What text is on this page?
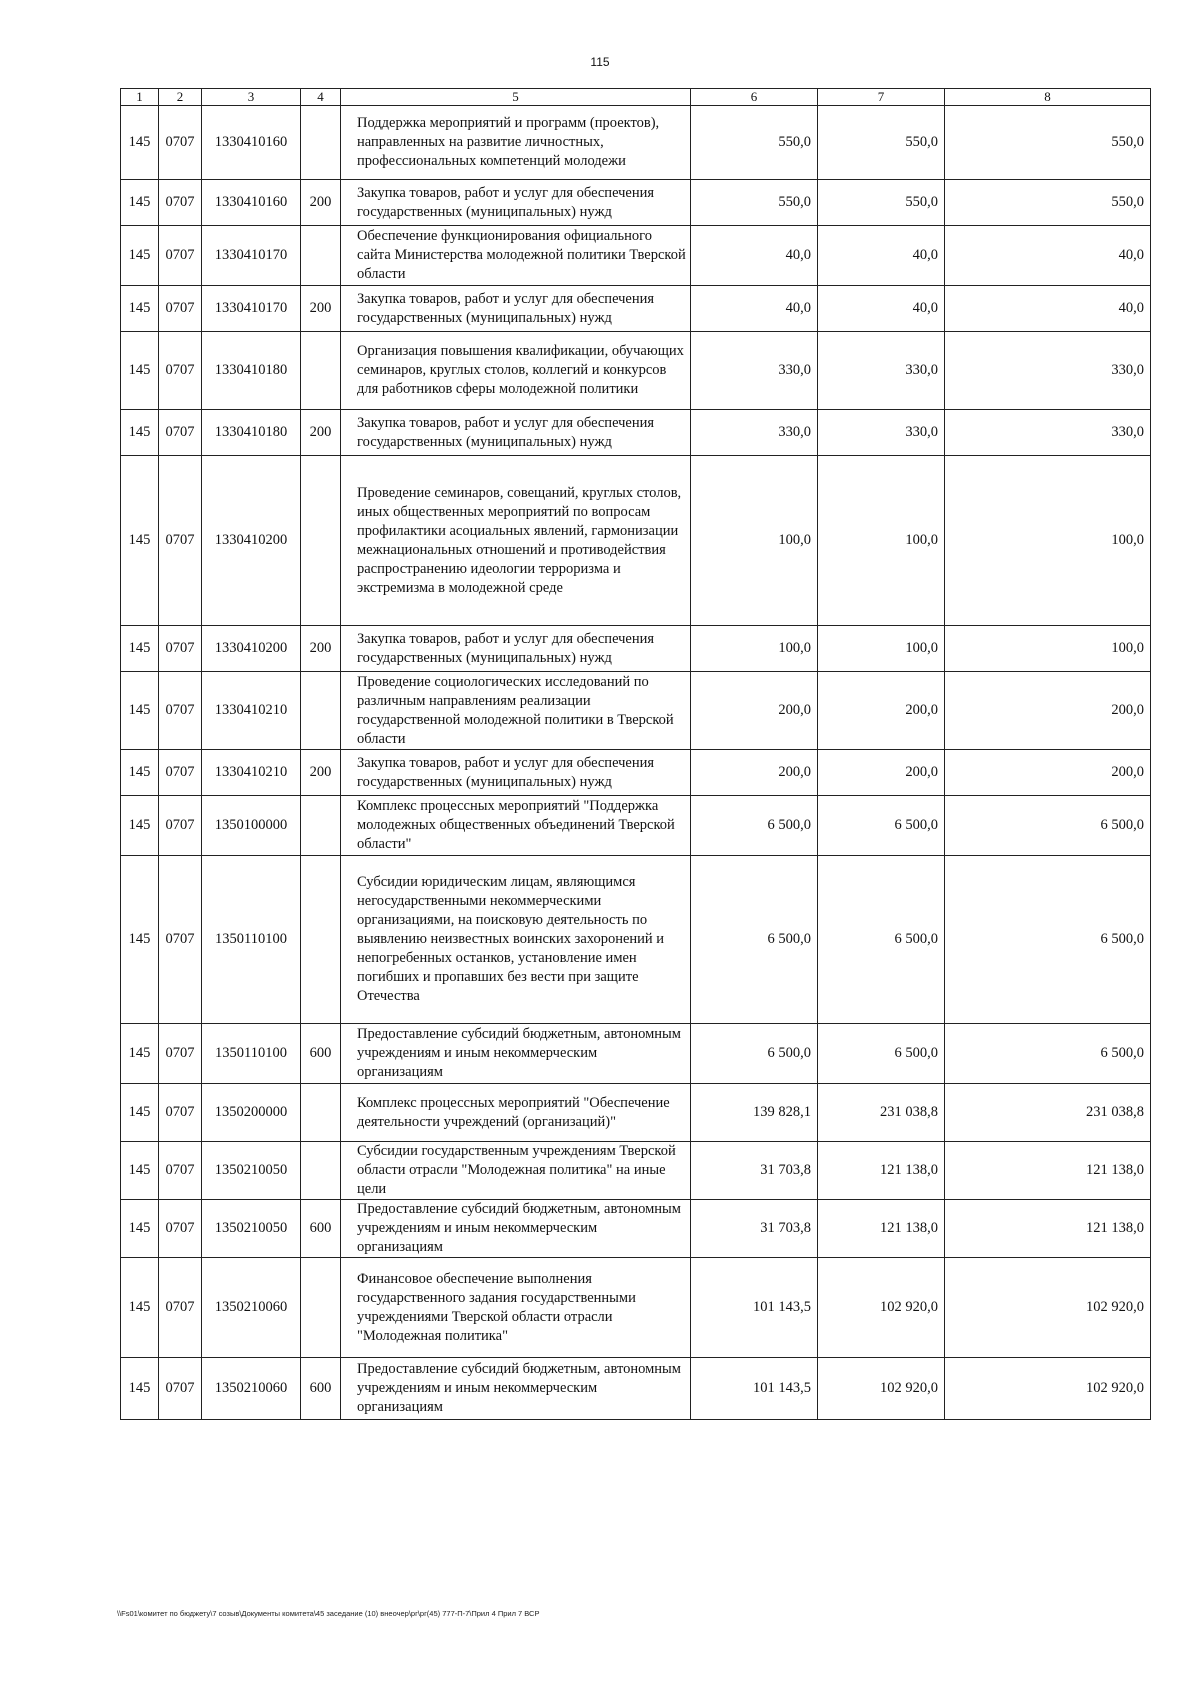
115
1	2	3	4	5	6	7	8
145	0707	1330410160		Поддержка мероприятий и программ (проектов), направленных на развитие личностных, профессиональных компетенций молодежи	550,0	550,0	550,0
145	0707	1330410160	200	Закупка товаров, работ и услуг для обеспечения государственных (муниципальных) нужд	550,0	550,0	550,0
145	0707	1330410170		Обеспечение функционирования официального сайта Министерства молодежной политики Тверской области	40,0	40,0	40,0
145	0707	1330410170	200	Закупка товаров, работ и услуг для обеспечения государственных (муниципальных) нужд	40,0	40,0	40,0
145	0707	1330410180		Организация повышения квалификации, обучающих семинаров, круглых столов, коллегий и конкурсов для работников сферы молодежной политики	330,0	330,0	330,0
145	0707	1330410180	200	Закупка товаров, работ и услуг для обеспечения государственных (муниципальных) нужд	330,0	330,0	330,0
145	0707	1330410200		Проведение семинаров, совещаний, круглых столов, иных общественных мероприятий по вопросам профилактики асоциальных явлений, гармонизации межнациональных отношений и противодействия распространению идеологии терроризма и экстремизма в молодежной среде	100,0	100,0	100,0
145	0707	1330410200	200	Закупка товаров, работ и услуг для обеспечения государственных (муниципальных) нужд	100,0	100,0	100,0
145	0707	1330410210		Проведение социологических исследований по различным направлениям реализации государственной молодежной политики в Тверской области	200,0	200,0	200,0
145	0707	1330410210	200	Закупка товаров, работ и услуг для обеспечения государственных (муниципальных) нужд	200,0	200,0	200,0
145	0707	1350100000		Комплекс процессных мероприятий "Поддержка молодежных общественных объединений Тверской области"	6 500,0	6 500,0	6 500,0
145	0707	1350110100		Субсидии юридическим лицам, являющимся негосударственными некоммерческими организациями, на поисковую деятельность по выявлению неизвестных воинских захоронений и непогребенных останков, установление имен погибших и пропавших без вести при защите Отечества	6 500,0	6 500,0	6 500,0
145	0707	1350110100	600	Предоставление субсидий бюджетным, автономным учреждениям и иным некоммерческим организациям	6 500,0	6 500,0	6 500,0
145	0707	1350200000		Комплекс процессных мероприятий "Обеспечение деятельности учреждений (организаций)"	139 828,1	231 038,8	231 038,8
145	0707	1350210050		Субсидии государственным учреждениям Тверской области отрасли "Молодежная политика" на иные цели	31 703,8	121 138,0	121 138,0
145	0707	1350210050	600	Предоставление субсидий бюджетным, автономным учреждениям и иным некоммерческим организациям	31 703,8	121 138,0	121 138,0
145	0707	1350210060		Финансовое обеспечение выполнения государственного задания государственными учреждениями Тверской области отрасли "Молодежная политика"	101 143,5	102 920,0	102 920,0
145	0707	1350210060	600	Предоставление субсидий бюджетным, автономным учреждениям и иным некоммерческим организациям	101 143,5	102 920,0	102 920,0
\\Fs01\комитет по бюджету\7 созыв\Документы комитета\45 заседание (10) внеочер\рг\рг(45) 777-П-7\Прил 4 Прил 7 ВСР
